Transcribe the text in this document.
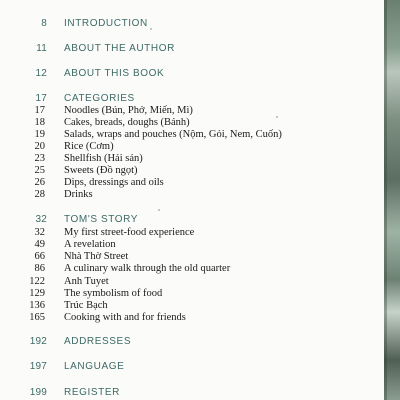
8 INTRODUCTION
11 ABOUT THE AUTHOR
12 ABOUT THIS BOOK
17 CATEGORIES
17 Noodles (Bún, Phở, Miến, Mì)
18 Cakes, breads, doughs (Bánh)
19 Salads, wraps and pouches (Nộm, Gỏi, Nem, Cuốn)
20 Rice (Cơm)
23 Shellfish (Hải sản)
25 Sweets (Đồ ngọt)
26 Dips, dressings and oils
28 Drinks
32 TOM'S STORY
32 My first street-food experience
49 A revelation
66 Nhà Thờ Street
86 A culinary walk through the old quarter
122 Anh Tuyet
129 The symbolism of food
136 Trúc Bạch
165 Cooking with and for friends
192 ADDRESSES
197 LANGUAGE
199 REGISTER
